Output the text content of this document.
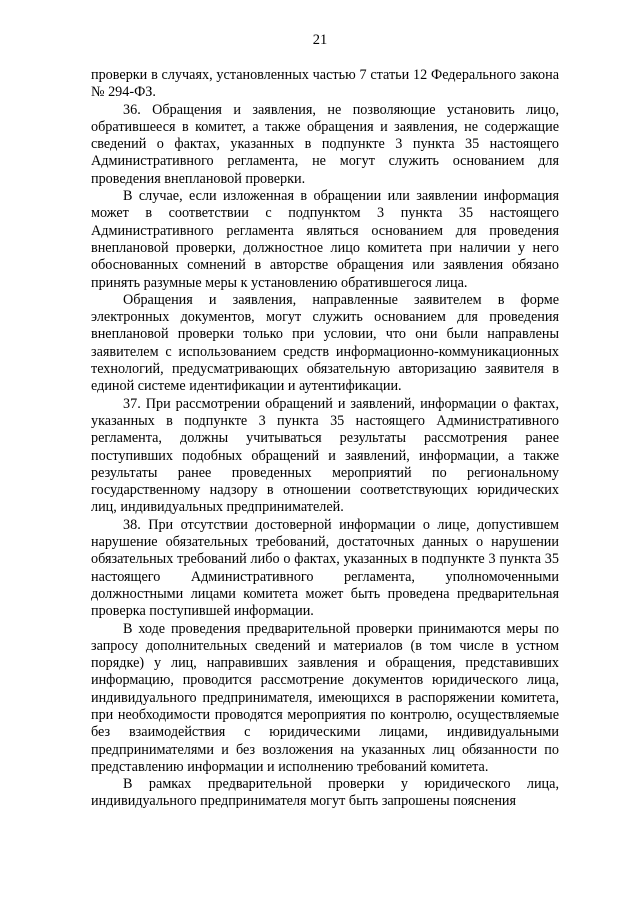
21

проверки в случаях, установленных частью 7 статьи 12 Федерального закона № 294-ФЗ.

36. Обращения и заявления, не позволяющие установить лицо, обратившееся в комитет, а также обращения и заявления, не содержащие сведений о фактах, указанных в подпункте 3 пункта 35 настоящего Административного регламента, не могут служить основанием для проведения внеплановой проверки.

В случае, если изложенная в обращении или заявлении информация может в соответствии с подпунктом 3 пункта 35 настоящего Административного регламента являться основанием для проведения внеплановой проверки, должностное лицо комитета при наличии у него обоснованных сомнений в авторстве обращения или заявления обязано принять разумные меры к установлению обратившегося лица.

Обращения и заявления, направленные заявителем в форме электронных документов, могут служить основанием для проведения внеплановой проверки только при условии, что они были направлены заявителем с использованием средств информационно-коммуникационных технологий, предусматривающих обязательную авторизацию заявителя в единой системе идентификации и аутентификации.

37. При рассмотрении обращений и заявлений, информации о фактах, указанных в подпункте 3 пункта 35 настоящего Административного регламента, должны учитываться результаты рассмотрения ранее поступивших подобных обращений и заявлений, информации, а также результаты ранее проведенных мероприятий по региональному государственному надзору в отношении соответствующих юридических лиц, индивидуальных предпринимателей.

38. При отсутствии достоверной информации о лице, допустившем нарушение обязательных требований, достаточных данных о нарушении обязательных требований либо о фактах, указанных в подпункте 3 пункта 35 настоящего Административного регламента, уполномоченными должностными лицами комитета может быть проведена предварительная проверка поступившей информации.

В ходе проведения предварительной проверки принимаются меры по запросу дополнительных сведений и материалов (в том числе в устном порядке) у лиц, направивших заявления и обращения, представивших информацию, проводится рассмотрение документов юридического лица, индивидуального предпринимателя, имеющихся в распоряжении комитета, при необходимости проводятся мероприятия по контролю, осуществляемые без взаимодействия с юридическими лицами, индивидуальными предпринимателями и без возложения на указанных лиц обязанности по представлению информации и исполнению требований комитета.

В рамках предварительной проверки у юридического лица, индивидуального предпринимателя могут быть запрошены пояснения
